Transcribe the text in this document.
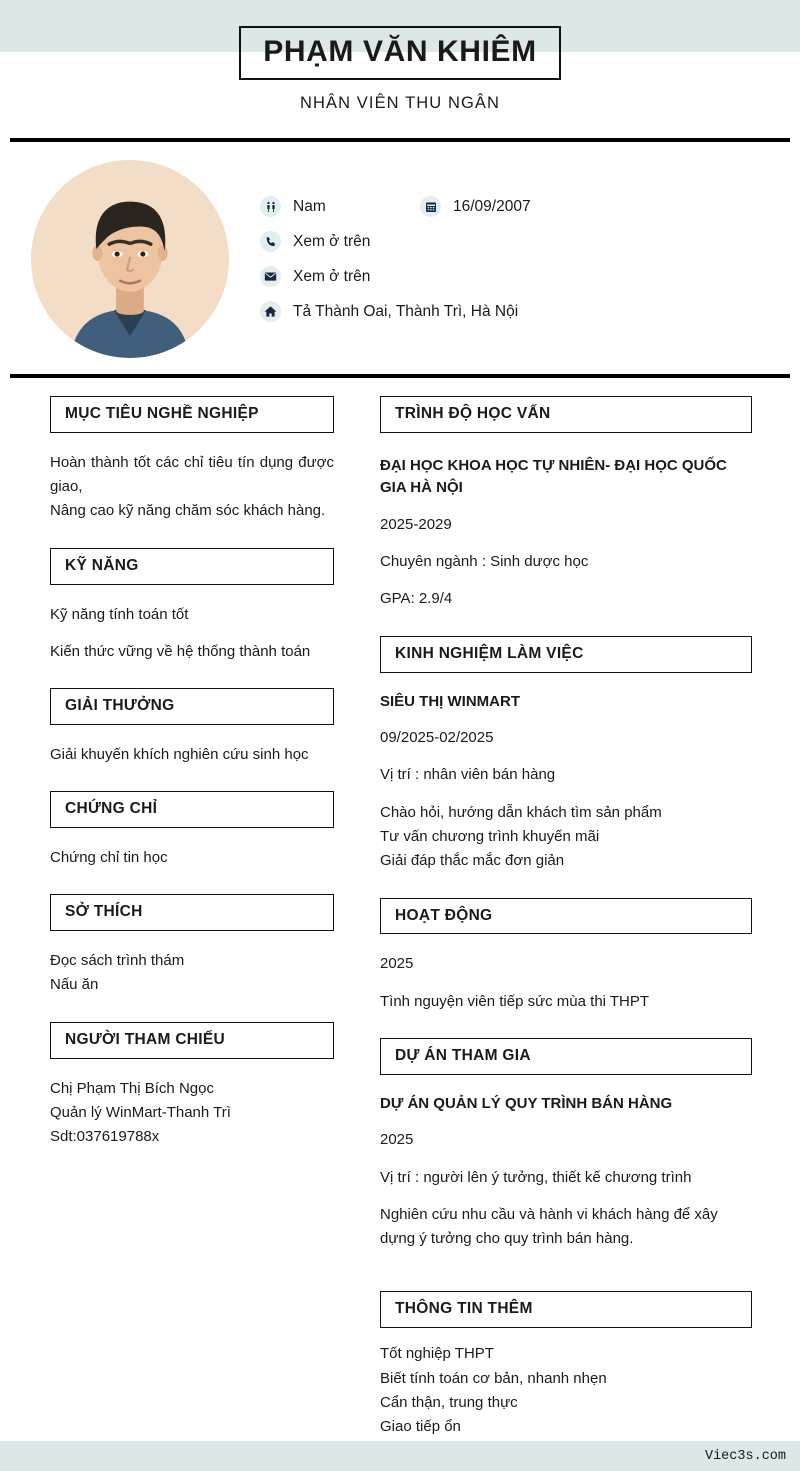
PHẠM VĂN KHIÊM
NHÂN VIÊN THU NGÂN
Nam	16/09/2007
Xem ở trên
Xem ở trên
Tả Thành Oai, Thành Trì, Hà Nội
MỤC TIÊU NGHỀ NGHIỆP
Hoàn thành tốt các chỉ tiêu tín dụng được giao,
Nâng cao kỹ năng chăm sóc khách hàng.
KỸ NĂNG
Kỹ năng tính toán tốt
Kiến thức vững về hệ thống thành toán
GIẢI THƯỞNG
Giải khuyến khích nghiên cứu sinh học
CHỨNG CHỈ
Chứng chỉ tin học
SỞ THÍCH
Đọc sách trình thám
Nấu ăn
NGƯỜI THAM CHIẾU
Chị Phạm Thị Bích Ngọc
Quản lý WinMart-Thanh Trì
Sdt:037619788x
TRÌNH ĐỘ HỌC VẤN
ĐẠI HỌC KHOA HỌC TỰ NHIÊN- ĐẠI HỌC QUỐC GIA HÀ NỘI
2025-2029
Chuyên ngành : Sinh dược học
GPA: 2.9/4
KINH NGHIỆM LÀM VIỆC
SIÊU THỊ WINMART
09/2025-02/2025
Vị trí : nhân viên bán hàng
Chào hỏi, hướng dẫn khách tìm sản phẩm
Tư vấn chương trình khuyến mãi
Giải đáp thắc mắc đơn giản
HOẠT ĐỘNG
2025
Tình nguyện viên tiếp sức mùa thi THPT
DỰ ÁN THAM GIA
DỰ ÁN QUẢN LÝ QUY TRÌNH BÁN HÀNG
2025
Vị trí : người lên ý tưởng, thiết kế chương trình
Nghiên cứu nhu cầu và hành vi khách hàng để xây dựng ý tưởng cho quy trình bán hàng.
THÔNG TIN THÊM
Tốt nghiệp THPT
Biết tính toán cơ bản, nhanh nhẹn
Cẩn thận, trung thực
Giao tiếp ổn
Viec3s.com
